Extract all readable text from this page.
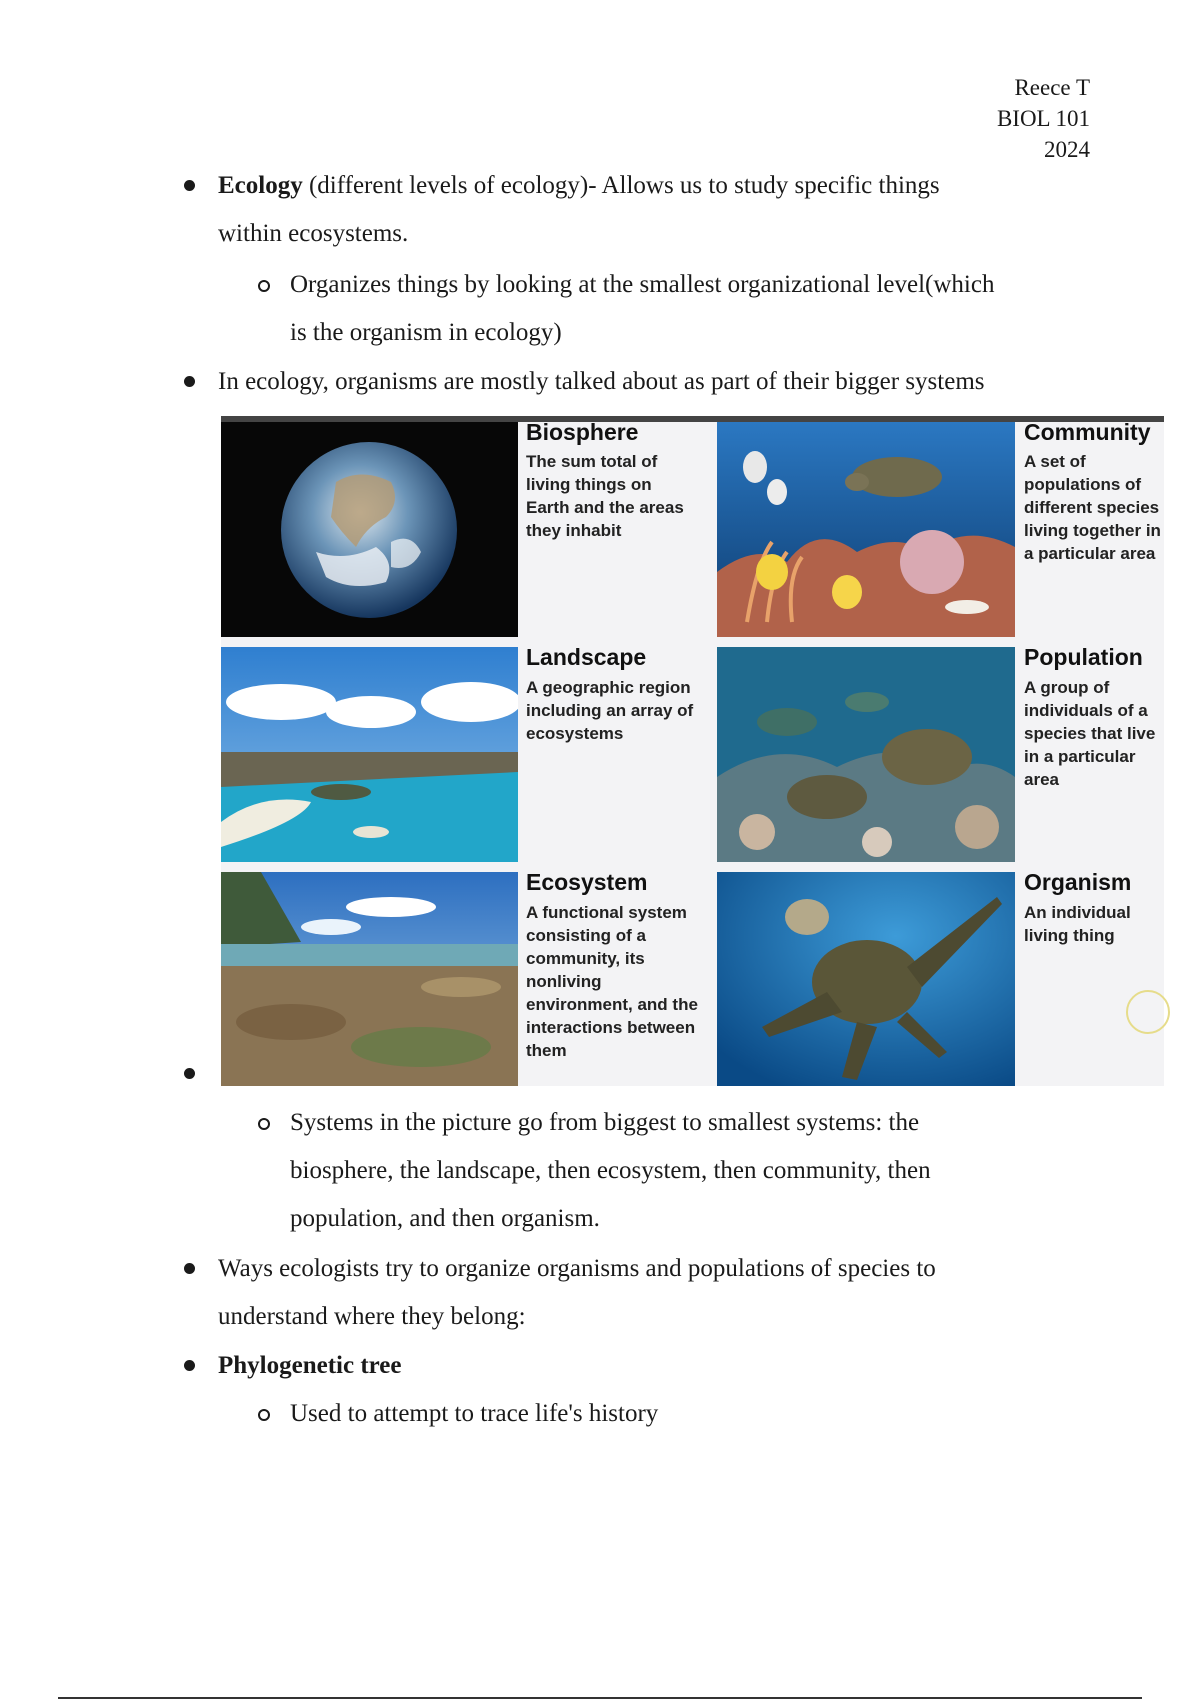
Reece T
BIOL 101
2024
Ecology (different levels of ecology)- Allows us to study specific things
within ecosystems.
Organizes things by looking at the smallest organizational level(which
is the organism in ecology)
In ecology, organisms are mostly talked about as part of their bigger systems
Biosphere
The sum total of living things on Earth and the areas they inhabit
Community
A set of populations of different species living together in a particular area
Landscape
A geographic region including an array of ecosystems
Population
A group of individuals of a species that live in a particular area
Ecosystem
A functional system consisting of a community, its nonliving environment, and the interactions between them
Organism
An individual living thing
Systems in the picture go from biggest to smallest systems: the
biosphere, the landscape, then ecosystem, then community, then
population, and then organism.
Ways ecologists try to organize organisms and populations of species to
understand where they belong:
Phylogenetic tree
Used to attempt to trace life's history
